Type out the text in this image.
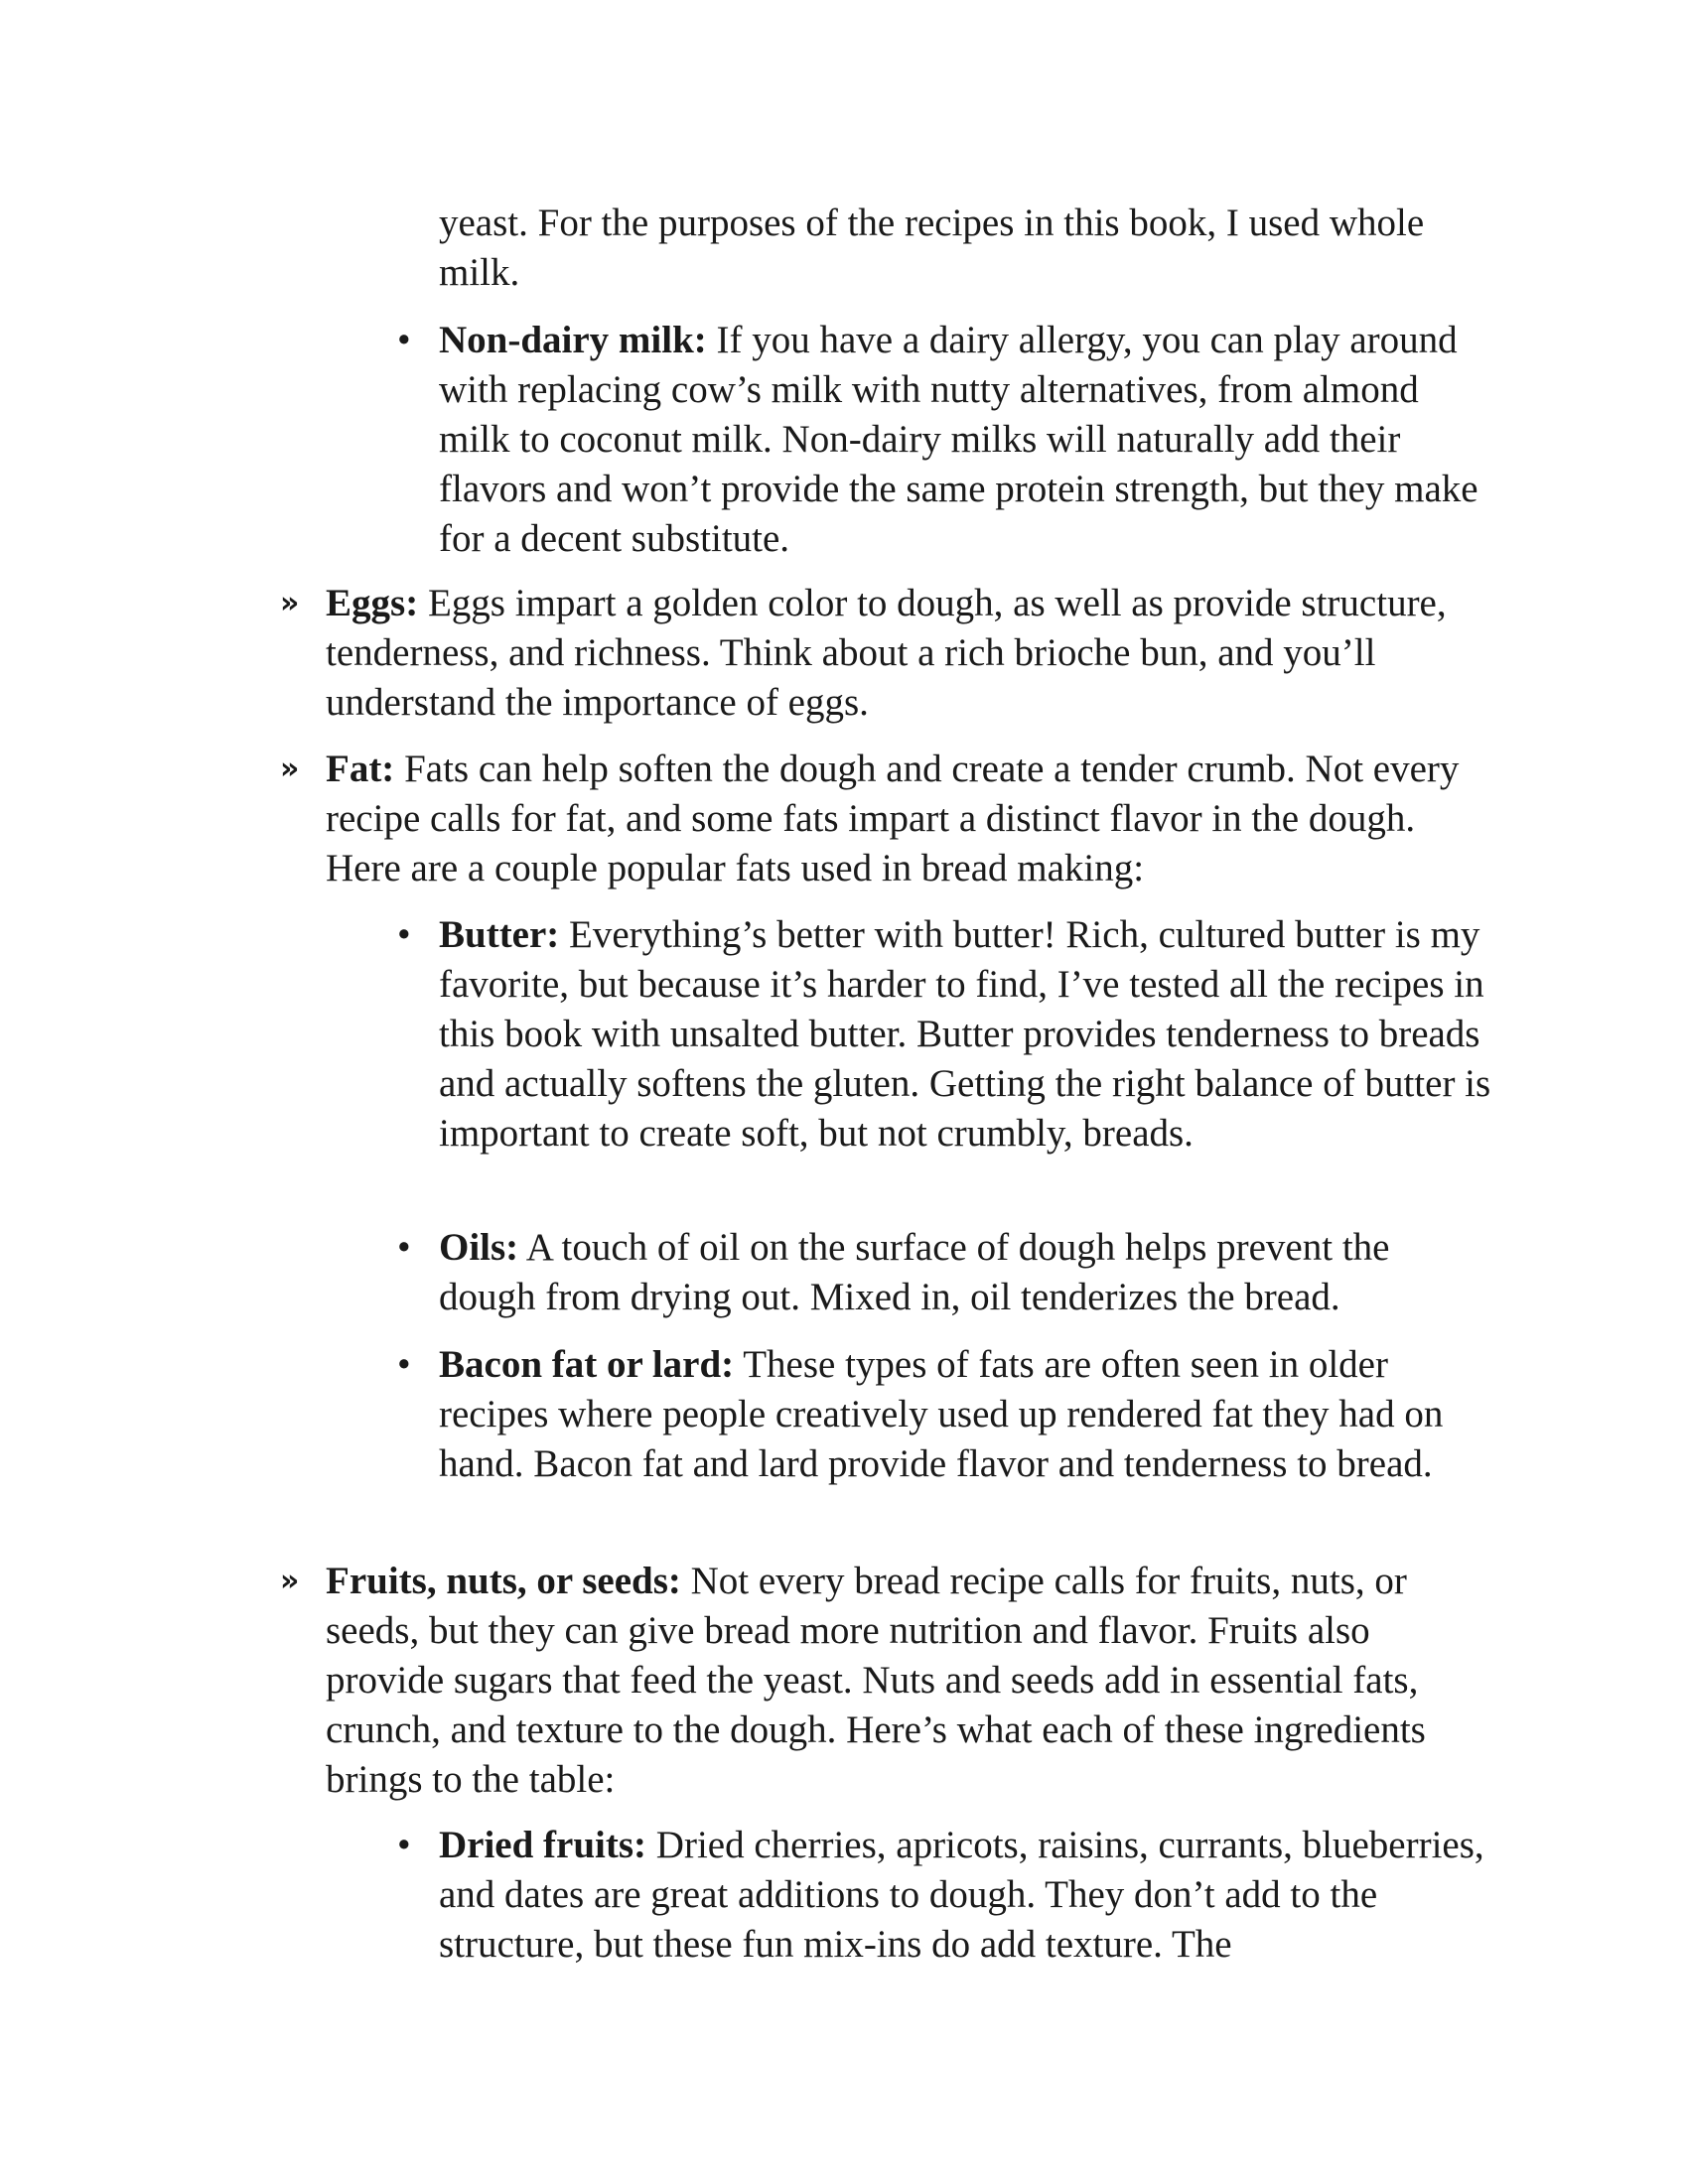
yeast. For the purposes of the recipes in this book, I used whole milk.

• Non-dairy milk: If you have a dairy allergy, you can play around with replacing cow’s milk with nutty alternatives, from almond milk to coconut milk. Non-dairy milks will naturally add their flavors and won’t provide the same protein strength, but they make for a decent substitute.

» Eggs: Eggs impart a golden color to dough, as well as provide structure, tenderness, and richness. Think about a rich brioche bun, and you’ll understand the importance of eggs.

» Fat: Fats can help soften the dough and create a tender crumb. Not every recipe calls for fat, and some fats impart a distinct flavor in the dough. Here are a couple popular fats used in bread making:

• Butter: Everything’s better with butter! Rich, cultured butter is my favorite, but because it’s harder to find, I’ve tested all the recipes in this book with unsalted butter. Butter provides tenderness to breads and actually softens the gluten. Getting the right balance of butter is important to create soft, but not crumbly, breads.

• Oils: A touch of oil on the surface of dough helps prevent the dough from drying out. Mixed in, oil tenderizes the bread.

• Bacon fat or lard: These types of fats are often seen in older recipes where people creatively used up rendered fat they had on hand. Bacon fat and lard provide flavor and tenderness to bread.

» Fruits, nuts, or seeds: Not every bread recipe calls for fruits, nuts, or seeds, but they can give bread more nutrition and flavor. Fruits also provide sugars that feed the yeast. Nuts and seeds add in essential fats, crunch, and texture to the dough. Here’s what each of these ingredients brings to the table:

• Dried fruits: Dried cherries, apricots, raisins, currants, blueberries, and dates are great additions to dough. They don’t add to the structure, but these fun mix-ins do add texture. The
